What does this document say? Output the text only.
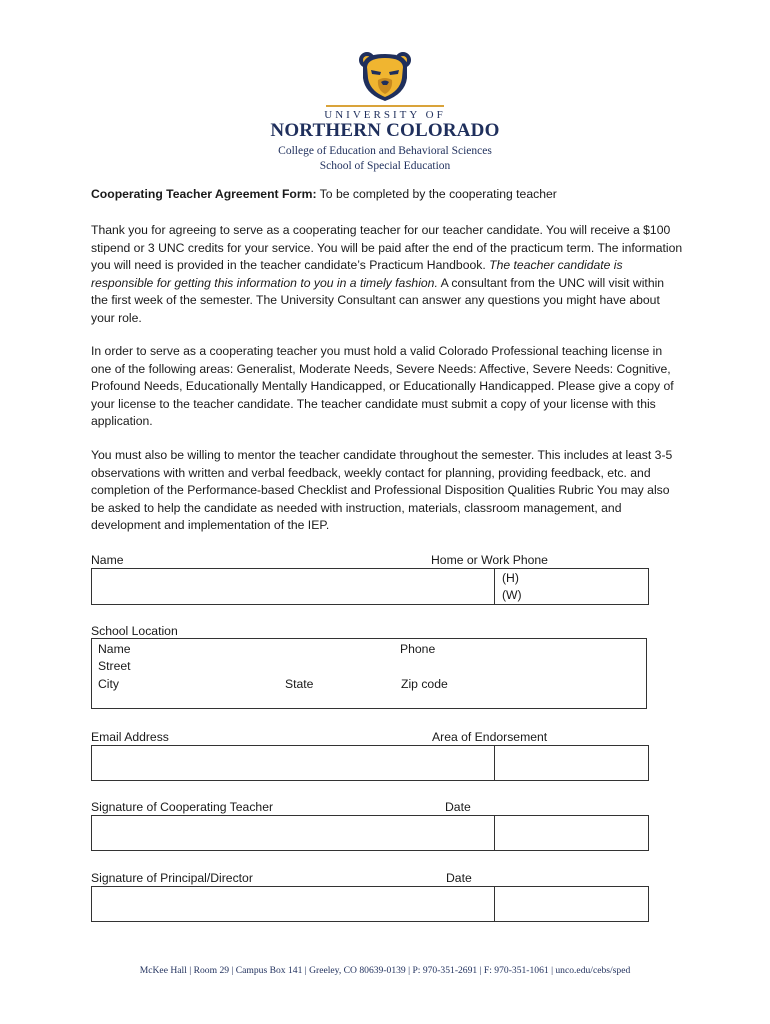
UNIVERSITY OF
NORTHERN COLORADO
College of Education and Behavioral Sciences
School of Special Education
Cooperating Teacher Agreement Form: To be completed by the cooperating teacher
Thank you for agreeing to serve as a cooperating teacher for our teacher candidate. You will receive a $100 stipend or 3 UNC credits for your service. You will be paid after the end of the practicum term. The information you will need is provided in the teacher candidate’s Practicum Handbook. The teacher candidate is responsible for getting this information to you in a timely fashion. A consultant from the UNC will visit within the first week of the semester. The University Consultant can answer any questions you might have about your role.
In order to serve as a cooperating teacher you must hold a valid Colorado Professional teaching license in one of the following areas: Generalist, Moderate Needs, Severe Needs: Affective, Severe Needs: Cognitive, Profound Needs, Educationally Mentally Handicapped, or Educationally Handicapped. Please give a copy of your license to the teacher candidate. The teacher candidate must submit a copy of your license with this application.
You must also be willing to mentor the teacher candidate throughout the semester. This includes at least 3-5 observations with written and verbal feedback, weekly contact for planning, providing feedback, etc. and completion of the Performance-based Checklist and Professional Disposition Qualities Rubric You may also be asked to help the candidate as needed with instruction, materials, classroom management, and development and implementation of the IEP.
Name	Home or Work Phone
(H)
(W)
School Location
Name	Phone
Street
City	State	Zip code
Email Address	Area of Endorsement
Signature of Cooperating Teacher	Date
Signature of Principal/Director	Date
McKee Hall | Room 29 | Campus Box 141 | Greeley, CO 80639-0139 | P: 970-351-2691 | F: 970-351-1061 | unco.edu/cebs/sped
